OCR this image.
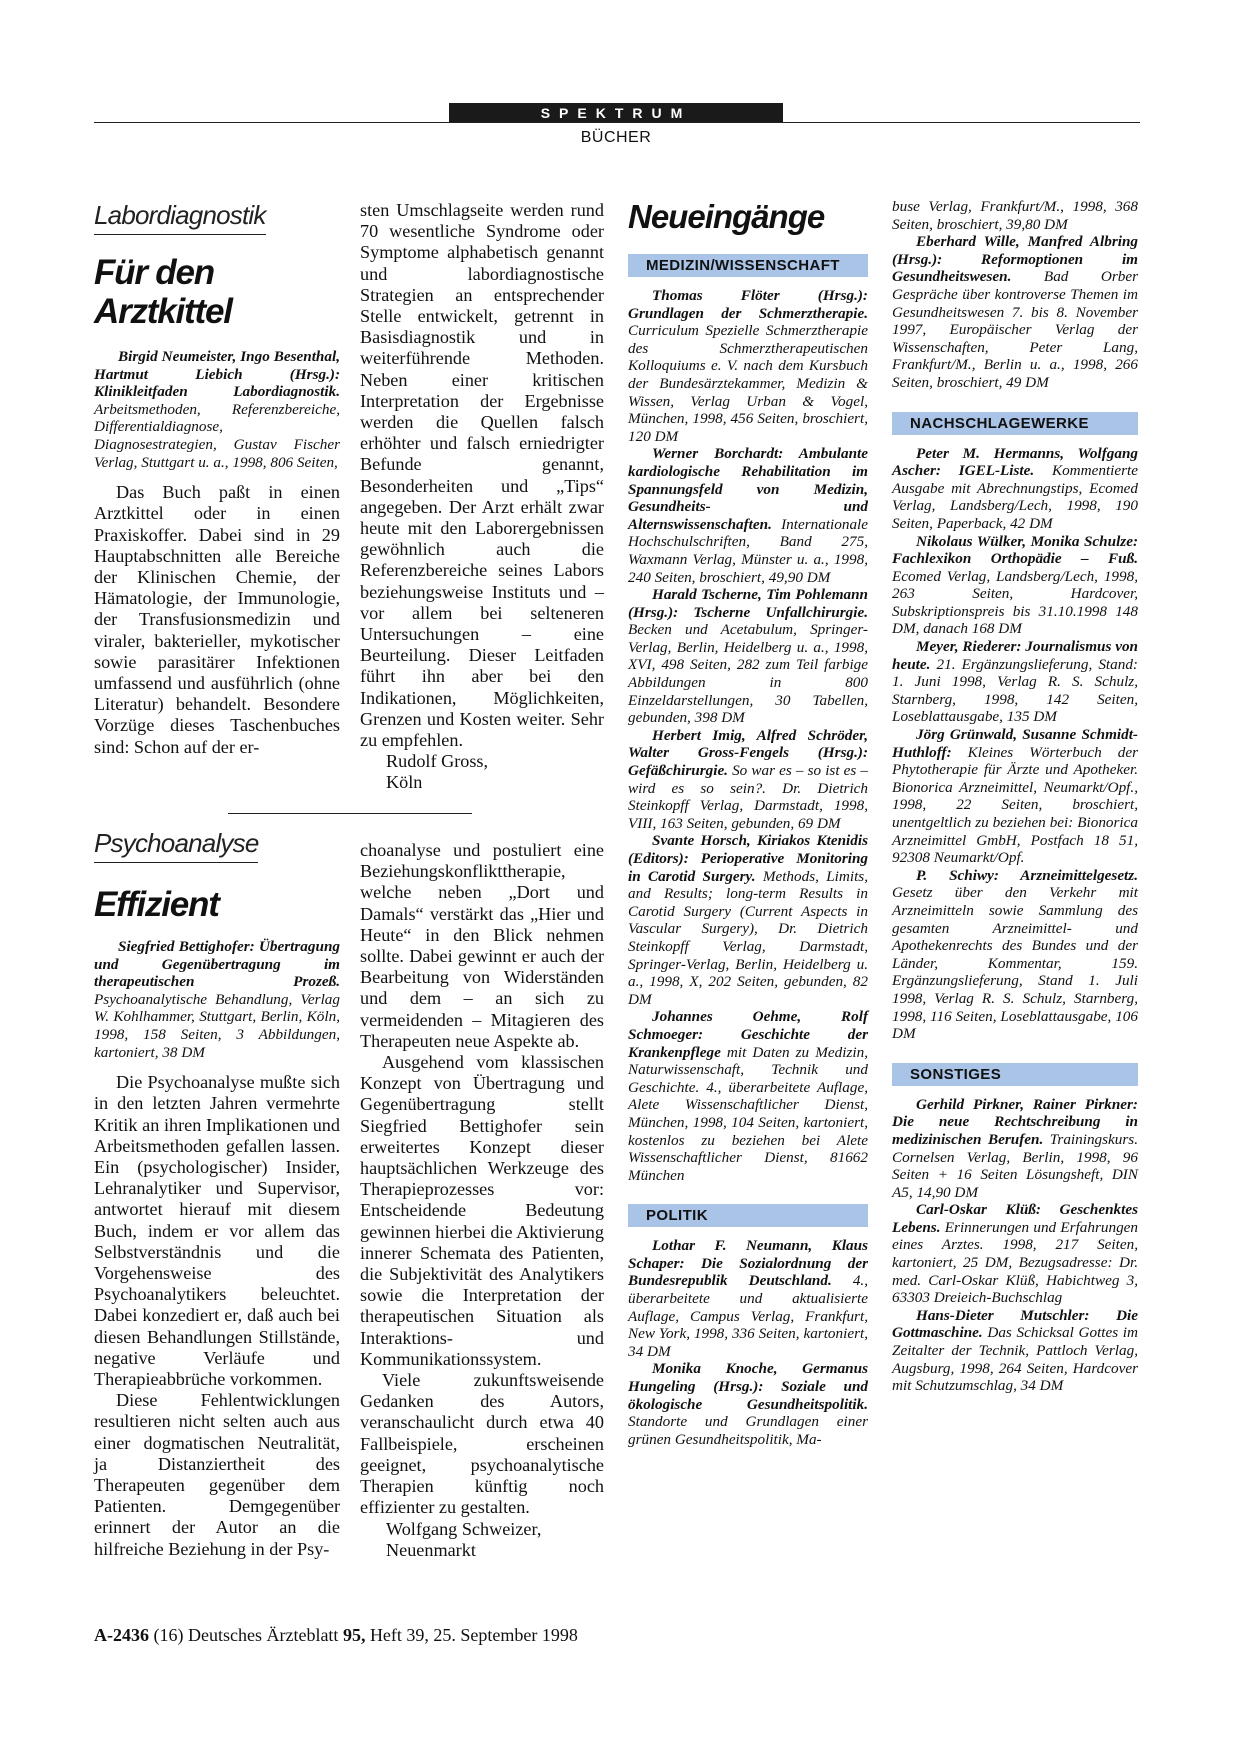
SPEKTRUM
BÜCHER
Labordiagnostik
Für den Arztkittel

Birgid Neumeister, Ingo Besenthal, Hartmut Liebich (Hrsg.): Klinikleitfaden Labordiagnostik. Arbeitsmethoden, Referenzbereiche, Differentialdiagnose, Diagnosestrategien, Gustav Fischer Verlag, Stuttgart u. a., 1998, 806 Seiten,

Das Buch paßt in einen Arztkittel oder in einen Praxiskoffer. Dabei sind in 29 Hauptabschnitten alle Bereiche der Klinischen Chemie, der Hämatologie, der Immunologie, der Transfusionsmedizin und viraler, bakterieller, mykotischer sowie parasitärer Infektionen umfassend und ausführlich (ohne Literatur) behandelt. Besondere Vorzüge dieses Taschenbuches sind: Schon auf der er-

sten Umschlagseite werden rund 70 wesentliche Syndrome oder Symptome alphabetisch genannt und labordiagnostische Strategien an entsprechender Stelle entwickelt, getrennt in Basisdiagnostik und in weiterführende Methoden. Neben einer kritischen Interpretation der Ergebnisse werden die Quellen falsch erhöhter und falsch erniedrigter Befunde genannt, Besonderheiten und „Tips“ angegeben. Der Arzt erhält zwar heute mit den Laborergebnissen gewöhnlich auch die Referenzbereiche seines Labors beziehungsweise Instituts und – vor allem bei selteneren Untersuchungen – eine Beurteilung. Dieser Leitfaden führt ihn aber bei den Indikationen, Möglichkeiten, Grenzen und Kosten weiter. Sehr zu empfehlen.

Rudolf Gross,

Köln

Psychoanalyse
Effizient

Siegfried Bettighofer: Übertragung und Gegenübertragung im therapeutischen Prozeß. Psychoanalytische Behandlung, Verlag W. Kohlhammer, Stuttgart, Berlin, Köln, 1998, 158 Seiten, 3 Abbildungen, kartoniert, 38 DM

Die Psychoanalyse mußte sich in den letzten Jahren vermehrte Kritik an ihren Implikationen und Arbeitsmethoden gefallen lassen. Ein (psychologischer) Insider, Lehranalytiker und Supervisor, antwortet hierauf mit diesem Buch, indem er vor allem das Selbstverständnis und die Vorgehensweise des Psychoanalytikers beleuchtet. Dabei konzediert er, daß auch bei diesen Behandlungen Stillstände, negative Verläufe und Therapieabbrüche vorkommen.

Diese Fehlentwicklungen resultieren nicht selten auch aus einer dogmatischen Neutralität, ja Distanziertheit des Therapeuten gegenüber dem Patienten. Demgegenüber erinnert der Autor an die hilfreiche Beziehung in der Psy-

choanalyse und postuliert eine Beziehungskonflikttherapie, welche neben „Dort und Damals“ verstärkt das „Hier und Heute“ in den Blick nehmen sollte. Dabei gewinnt er auch der Bearbeitung von Widerständen und dem – an sich zu vermeidenden – Mitagieren des Therapeuten neue Aspekte ab.

Ausgehend vom klassischen Konzept von Übertragung und Gegenübertragung stellt Siegfried Bettighofer sein erweitertes Konzept dieser hauptsächlichen Werkzeuge des Therapieprozesses vor: Entscheidende Bedeutung gewinnen hierbei die Aktivierung innerer Schemata des Patienten, die Subjektivität des Analytikers sowie die Interpretation der therapeutischen Situation als Interaktions- und Kommunikationssystem.

Viele zukunftsweisende Gedanken des Autors, veranschaulicht durch etwa 40 Fallbeispiele, erscheinen geeignet, psychoanalytische Therapien künftig noch effizienter zu gestalten.

Wolfgang Schweizer,

Neuenmarkt

Neueingänge
MEDIZIN/WISSENSCHAFT

Thomas Flöter (Hrsg.): Grundlagen der Schmerztherapie. Curriculum Spezielle Schmerztherapie des Schmerztherapeutischen Kolloquiums e. V. nach dem Kursbuch der Bundesärztekammer, Medizin & Wissen, Verlag Urban & Vogel, München, 1998, 456 Seiten, broschiert, 120 DM

Werner Borchardt: Ambulante kardiologische Rehabilitation im Spannungsfeld von Medizin, Gesundheits- und Alternswissenschaften. Internationale Hochschulschriften, Band 275, Waxmann Verlag, Münster u. a., 1998, 240 Seiten, broschiert, 49,90 DM

Harald Tscherne, Tim Pohlemann (Hrsg.): Tscherne Unfallchirurgie. Becken und Acetabulum, Springer-Verlag, Berlin, Heidelberg u. a., 1998, XVI, 498 Seiten, 282 zum Teil farbige Abbildungen in 800 Einzeldarstellungen, 30 Tabellen, gebunden, 398 DM

Herbert Imig, Alfred Schröder, Walter Gross-Fengels (Hrsg.): Gefäßchirurgie. So war es – so ist es – wird es so sein?. Dr. Dietrich Steinkopff Verlag, Darmstadt, 1998, VIII, 163 Seiten, gebunden, 69 DM

Svante Horsch, Kiriakos Ktenidis (Editors): Perioperative Monitoring in Carotid Surgery. Methods, Limits, and Results; long-term Results in Carotid Surgery (Current Aspects in Vascular Surgery), Dr. Dietrich Steinkopff Verlag, Darmstadt, Springer-Verlag, Berlin, Heidelberg u. a., 1998, X, 202 Seiten, gebunden, 82 DM

Johannes Oehme, Rolf Schmoeger: Geschichte der Krankenpflege mit Daten zu Medizin, Naturwissenschaft, Technik und Geschichte. 4., überarbeitete Auflage, Alete Wissenschaftlicher Dienst, München, 1998, 104 Seiten, kartoniert, kostenlos zu beziehen bei Alete Wissenschaftlicher Dienst, 81662 München

POLITIK

Lothar F. Neumann, Klaus Schaper: Die Sozialordnung der Bundesrepublik Deutschland. 4., überarbeitete und aktualisierte Auflage, Campus Verlag, Frankfurt, New York, 1998, 336 Seiten, kartoniert, 34 DM

Monika Knoche, Germanus Hungeling (Hrsg.): Soziale und ökologische Gesundheitspolitik. Standorte und Grundlagen einer grünen Gesundheitspolitik, Ma-

buse Verlag, Frankfurt/M., 1998, 368 Seiten, broschiert, 39,80 DM

Eberhard Wille, Manfred Albring (Hrsg.): Reformoptionen im Gesundheitswesen. Bad Orber Gespräche über kontroverse Themen im Gesundheitswesen 7. bis 8. November 1997, Europäischer Verlag der Wissenschaften, Peter Lang, Frankfurt/M., Berlin u. a., 1998, 266 Seiten, broschiert, 49 DM

NACHSCHLAGEWERKE

Peter M. Hermanns, Wolfgang Ascher: IGEL-Liste. Kommentierte Ausgabe mit Abrechnungstips, Ecomed Verlag, Landsberg/Lech, 1998, 190 Seiten, Paperback, 42 DM

Nikolaus Wülker, Monika Schulze: Fachlexikon Orthopädie – Fuß. Ecomed Verlag, Landsberg/Lech, 1998, 263 Seiten, Hardcover, Subskriptionspreis bis 31.10.1998 148 DM, danach 168 DM

Meyer, Riederer: Journalismus von heute. 21. Ergänzungslieferung, Stand: 1. Juni 1998, Verlag R. S. Schulz, Starnberg, 1998, 142 Seiten, Loseblattausgabe, 135 DM

Jörg Grünwald, Susanne Schmidt-Huthloff: Kleines Wörterbuch der Phytotherapie für Ärzte und Apotheker. Bionorica Arzneimittel, Neumarkt/Opf., 1998, 22 Seiten, broschiert, unentgeltlich zu beziehen bei: Bionorica Arzneimittel GmbH, Postfach 18 51, 92308 Neumarkt/Opf.

P. Schiwy: Arzneimittelgesetz. Gesetz über den Verkehr mit Arzneimitteln sowie Sammlung des gesamten Arzneimittel- und Apothekenrechts des Bundes und der Länder, Kommentar, 159. Ergänzungslieferung, Stand 1. Juli 1998, Verlag R. S. Schulz, Starnberg, 1998, 116 Seiten, Loseblattausgabe, 106 DM

SONSTIGES

Gerhild Pirkner, Rainer Pirkner: Die neue Rechtschreibung in medizinischen Berufen. Trainingskurs. Cornelsen Verlag, Berlin, 1998, 96 Seiten + 16 Seiten Lösungsheft, DIN A5, 14,90 DM

Carl-Oskar Klüß: Geschenktes Lebens. Erinnerungen und Erfahrungen eines Arztes. 1998, 217 Seiten, kartoniert, 25 DM, Bezugsadresse: Dr. med. Carl-Oskar Klüß, Habichtweg 3, 63303 Dreieich-Buchschlag

Hans-Dieter Mutschler: Die Gottmaschine. Das Schicksal Gottes im Zeitalter der Technik, Pattloch Verlag, Augsburg, 1998, 264 Seiten, Hardcover mit Schutzumschlag, 34 DM

A-2436 (16) Deutsches Ärzteblatt 95, Heft 39, 25. September 1998
